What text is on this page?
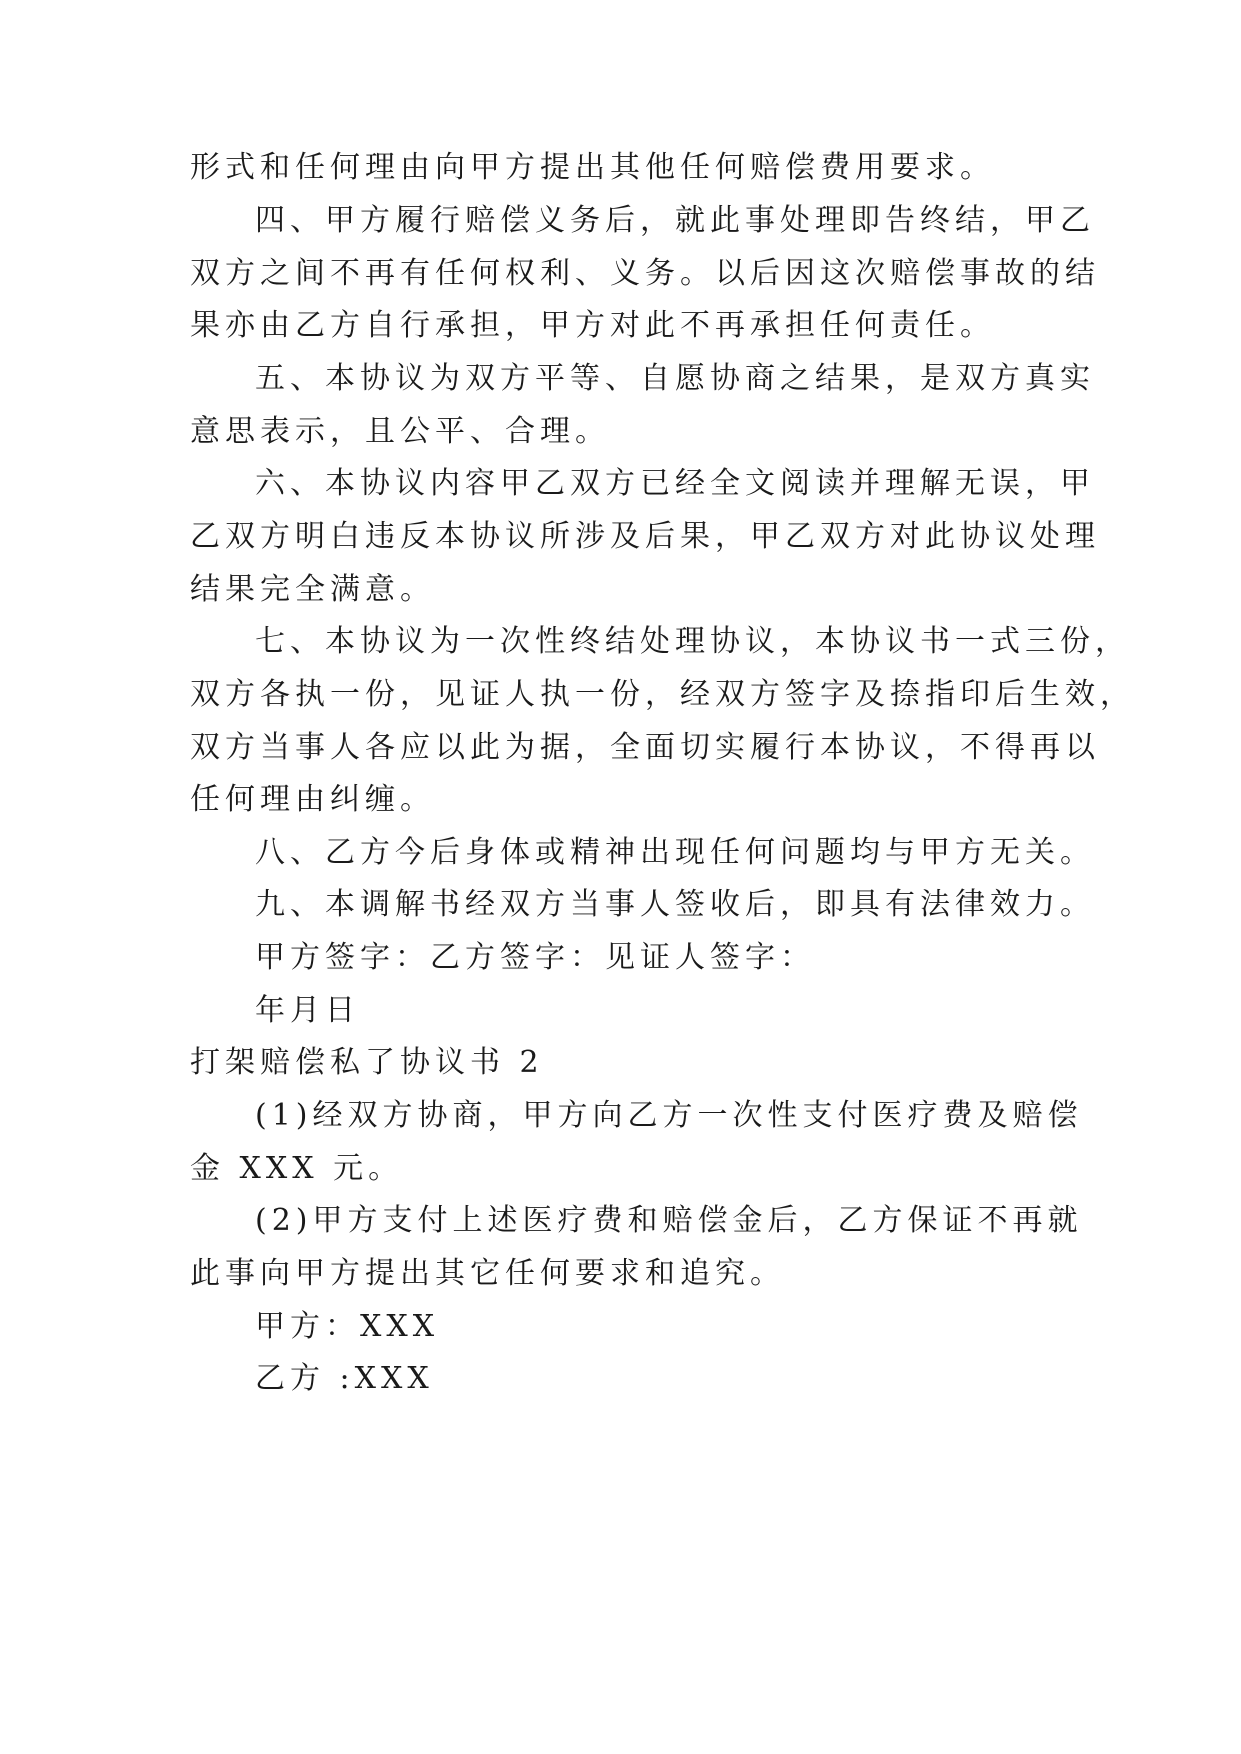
形式和任何理由向甲方提出其他任何赔偿费用要求。
四、甲方履行赔偿义务后，就此事处理即告终结，甲乙
双方之间不再有任何权利、义务。以后因这次赔偿事故的结
果亦由乙方自行承担，甲方对此不再承担任何责任。
五、本协议为双方平等、自愿协商之结果，是双方真实
意思表示，且公平、合理。
六、本协议内容甲乙双方已经全文阅读并理解无误，甲
乙双方明白违反本协议所涉及后果，甲乙双方对此协议处理
结果完全满意。
七、本协议为一次性终结处理协议，本协议书一式三份，
双方各执一份，见证人执一份，经双方签字及捺指印后生效，
双方当事人各应以此为据，全面切实履行本协议，不得再以
任何理由纠缠。
八、乙方今后身体或精神出现任何问题均与甲方无关。
九、本调解书经双方当事人签收后，即具有法律效力。
甲方签字：乙方签字：见证人签字：
年月日
打架赔偿私了协议书 2
(1)经双方协商，甲方向乙方一次性支付医疗费及赔偿
金 XXX 元。
(2)甲方支付上述医疗费和赔偿金后，乙方保证不再就
此事向甲方提出其它任何要求和追究。
甲方：XXX
乙方 :XXX
